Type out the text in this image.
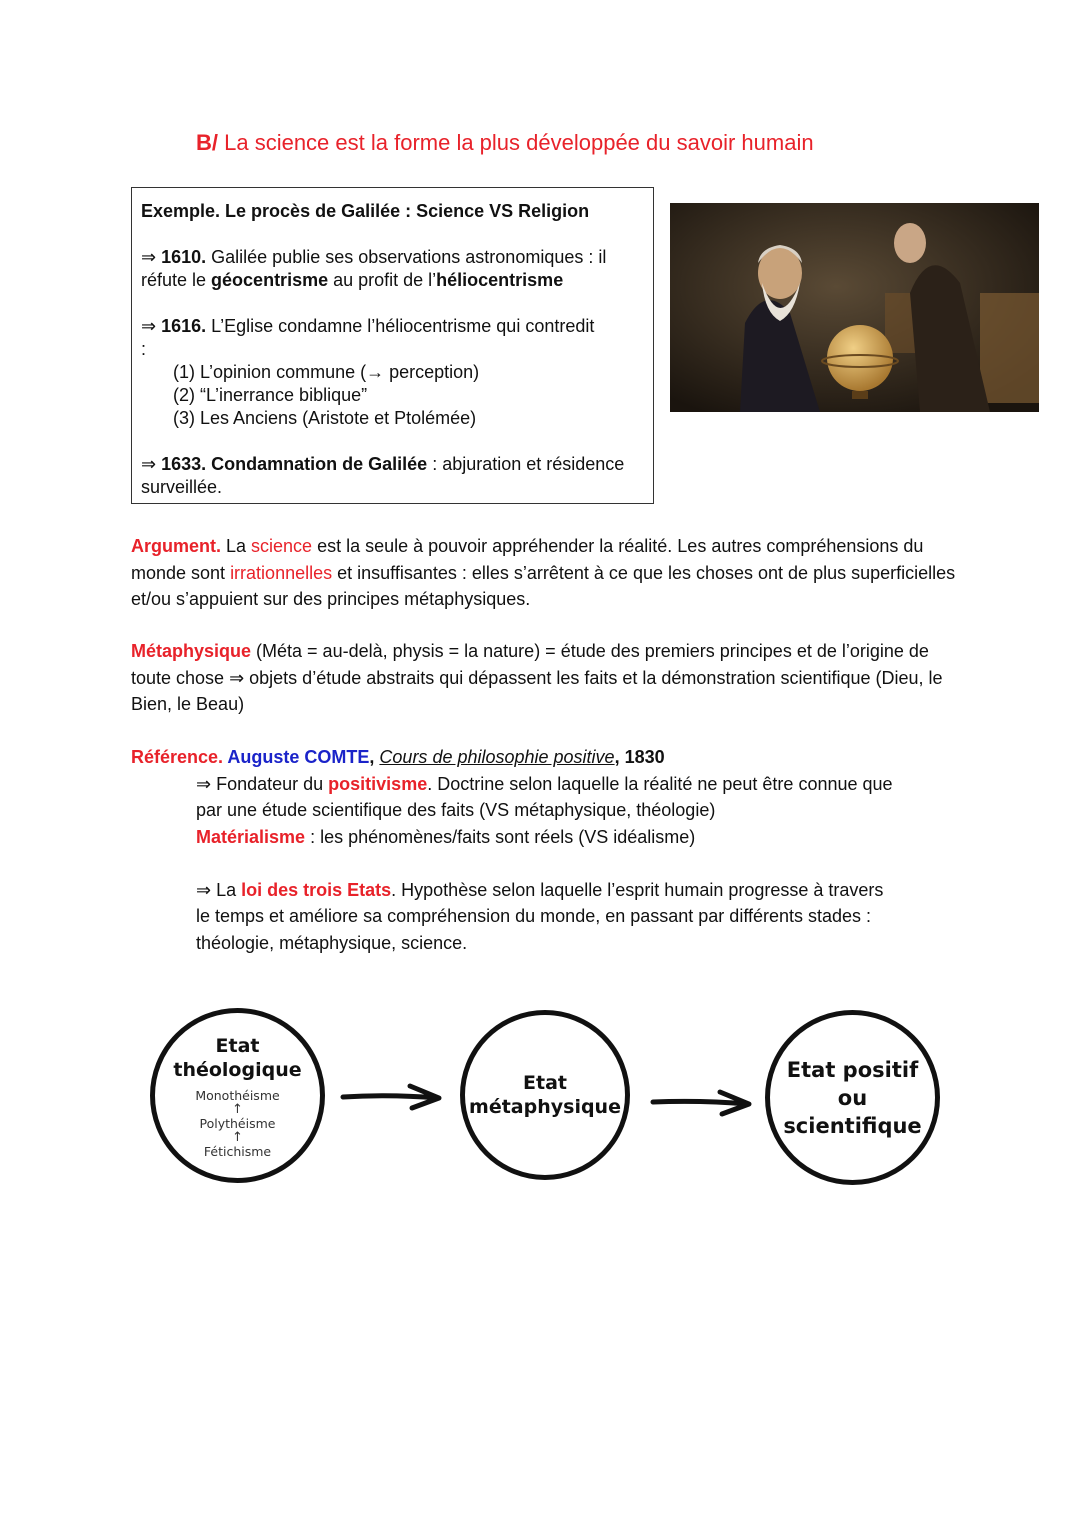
B/ La science est la forme la plus développée du savoir humain

Exemple. Le procès de Galilée : Science VS Religion

⇒ 1610. Galilée publie ses observations astronomiques : il réfute le géocentrisme au profit de l’héliocentrisme

⇒ 1616. L’Eglise condamne l’héliocentrisme qui contredit

:

(1) L’opinion commune (→ perception)

(2) “L’inerrance biblique”

(3) Les Anciens (Aristote et Ptolémée)

⇒ 1633. Condamnation de Galilée : abjuration et résidence surveillée.

Argument. La science est la seule à pouvoir appréhender la réalité. Les autres compréhensions du monde sont irrationnelles et insuffisantes : elles s’arrêtent à ce que les choses ont de plus superficielles et/ou s’appuient sur des principes métaphysiques.

Métaphysique (Méta = au-delà, physis = la nature) = étude des premiers principes et de l’origine de toute chose ⇒ objets d’étude abstraits qui dépassent les faits et la démonstration scientifique (Dieu, le Bien, le Beau)

Référence. Auguste COMTE, Cours de philosophie positive, 1830

⇒ Fondateur du positivisme. Doctrine selon laquelle la réalité ne peut être connue que par une étude scientifique des faits (VS métaphysique, théologie)

Matérialisme : les phénomènes/faits sont réels (VS idéalisme)

⇒ La loi des trois Etats. Hypothèse selon laquelle l’esprit humain progresse à travers le temps et améliore sa compréhension du monde, en passant par différents stades : théologie, métaphysique, science.

Etat
théologique
Monothéisme
↑
Polythéisme
↑
Fétichisme
Etat
métaphysique
Etat positif
ou
scientifique
